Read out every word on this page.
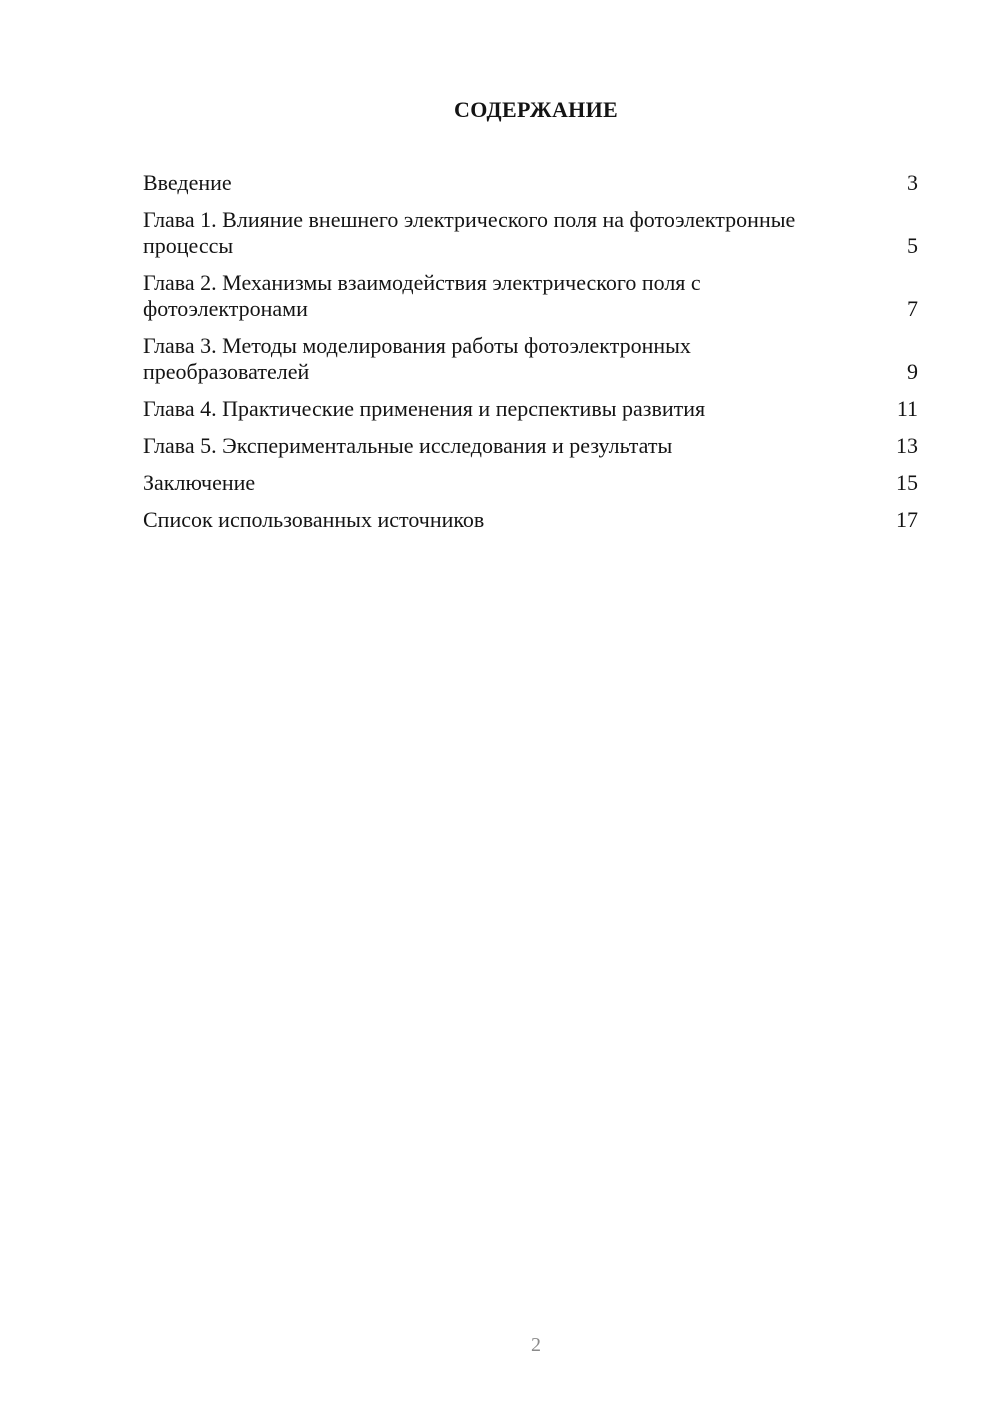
СОДЕРЖАНИЕ
Введение	3
Глава 1. Влияние внешнего электрического поля на фотоэлектронные процессы	5
Глава 2. Механизмы взаимодействия электрического поля с фотоэлектронами	7
Глава 3. Методы моделирования работы фотоэлектронных преобразователей	9
Глава 4. Практические применения и перспективы развития	11
Глава 5. Экспериментальные исследования и результаты	13
Заключение	15
Список использованных источников	17
2
